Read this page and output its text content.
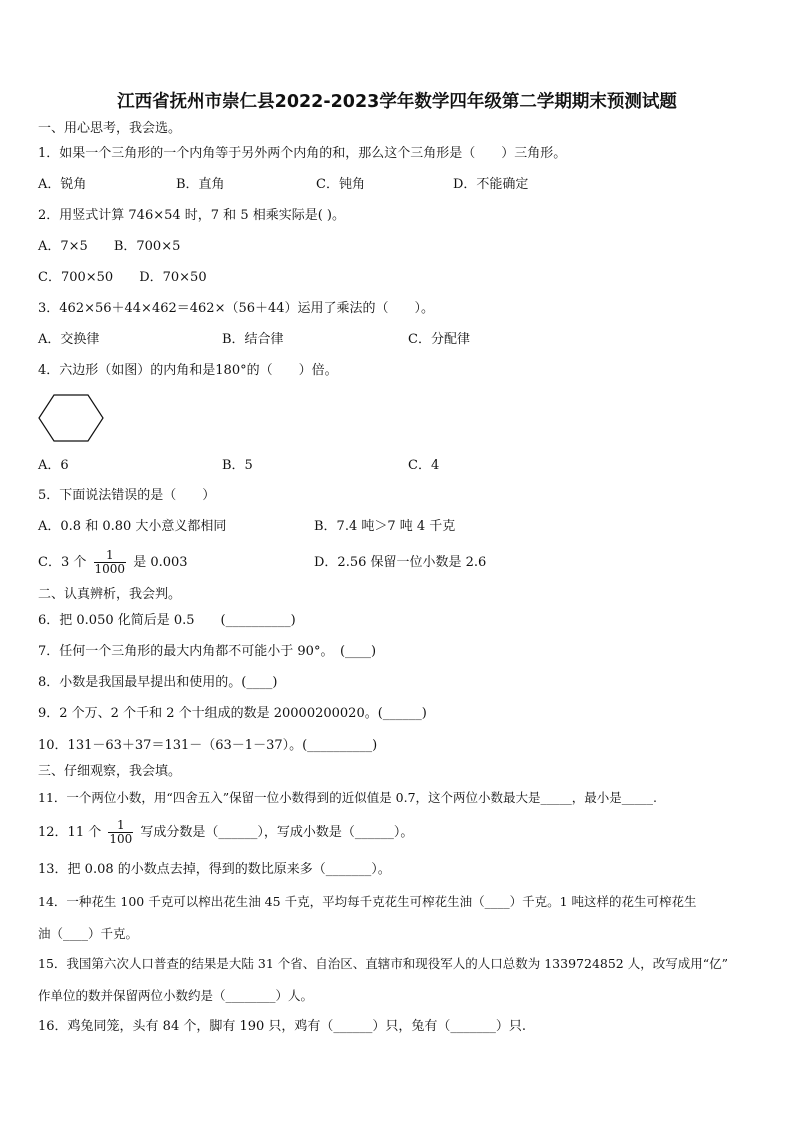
江西省抚州市崇仁县2022-2023学年数学四年级第二学期期末预测试题
一、用心思考，我会选。
1．如果一个三角形的一个内角等于另外两个内角的和，那么这个三角形是（　　）三角形。
A．锐角	B．直角	C．钝角	D．不能确定
2．用竖式计算 746×54 时，7 和 5 相乘实际是( )。
A．7×5　　B．700×5
C．700×50　　D．70×50
3．462×56＋44×462＝462×（56＋44）运用了乘法的（　　）。
A．交换律	B．结合律	C．分配律
4．六边形（如图）的内角和是180°的（　　）倍。
A．6	B．5	C．4
5．下面说法错误的是（　　）
A．0.8 和 0.80 大小意义都相同	B．7.4 吨＞7 吨 4 千克
C．3 个 $\frac{1}{1000}$ 是 0.003	D．2.56 保留一位小数是 2.6
二、认真辨析，我会判。
6．把 0.050 化简后是 0.5　　(__________)
7．任何一个三角形的最大内角都不可能小于 90°。　(____)
8．小数是我国最早提出和使用的。(____)
9．2 个万、2 个千和 2 个十组成的数是 20000200020。(______)
10．131－63＋37＝131－（63－1－37）。(__________)
三、仔细观察，我会填。
11．一个两位小数，用“四舍五入”保留一位小数得到的近似值是 0.7，这个两位小数最大是_____，最小是_____.
12．11 个 $\frac{1}{100}$ 写成分数是（______），写成小数是（______）。
13．把 0.08 的小数点去掉，得到的数比原来多（_______）。
14．一种花生 100 千克可以榨出花生油 45 千克，平均每千克花生可榨花生油（____）千克。1 吨这样的花生可榨花生
油（____）千克。
15．我国第六次人口普查的结果是大陆 31 个省、自治区、直辖市和现役军人的人口总数为 1339724852 人，改写成用“亿”
作单位的数并保留两位小数约是（________）人。
16．鸡兔同笼，头有 84 个，脚有 190 只，鸡有（______）只，兔有（_______）只.
